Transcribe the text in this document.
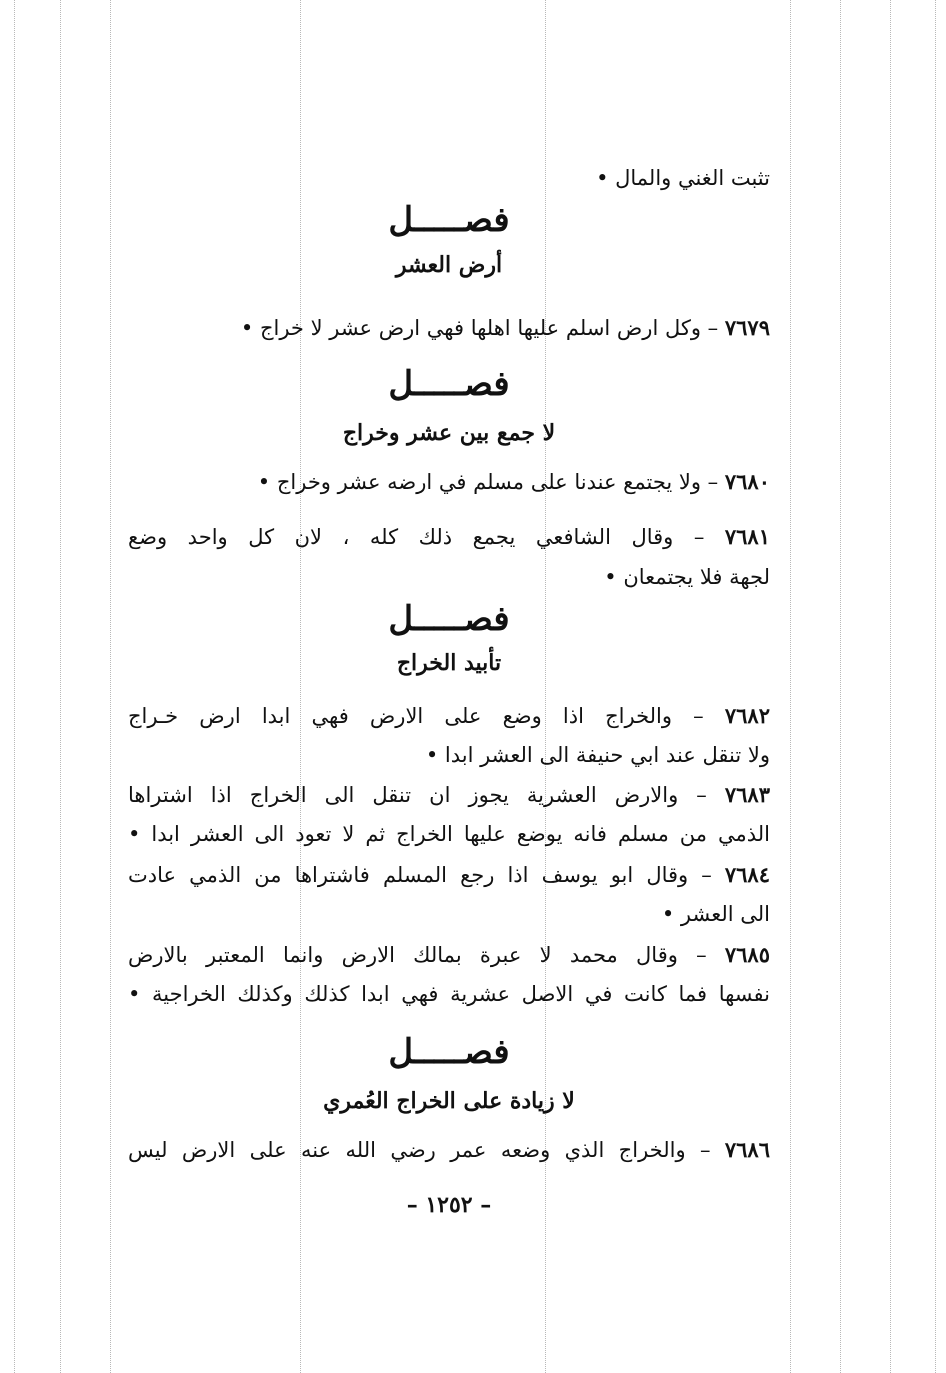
تثبت الغني والمال •
فصـــــل
أرض العشر
٧٦٧٩ – وكل ارض اسلم عليها اهلها فهي ارض عشر لا خراج •
فصـــــل
لا جمع بين عشر وخراج
٧٦٨٠ – ولا يجتمع عندنا على مسلم في ارضه عشر وخراج •
٧٦٨١ – وقال الشافعي يجمع ذلك كله ، لان كل واحد وضع
لجهة فلا يجتمعان •
فصـــــل
تأبيد الخراج
٧٦٨٢ – والخراج اذا وضع على الارض فهي ابدا ارض خـراج
ولا تنقل عند ابي حنيفة الى العشر ابدا •
٧٦٨٣ – والارض العشرية يجوز ان تنقل الى الخراج اذا اشتراها
الذمي من مسلم فانه يوضع عليها الخراج ثم لا تعود الى العشر ابدا •
٧٦٨٤ – وقال ابو يوسف اذا رجع المسلم فاشتراها من الذمي عادت
الى العشر •
٧٦٨٥ – وقال محمد لا عبرة بمالك الارض وانما المعتبر بالارض
نفسها فما كانت في الاصل عشرية فهي ابدا كذلك وكذلك الخراجية •
فصـــــل
لا زيادة على الخراج العُمري
٧٦٨٦ – والخراج الذي وضعه عمر رضي الله عنه على الارض ليس
– ١٢٥٢ –
